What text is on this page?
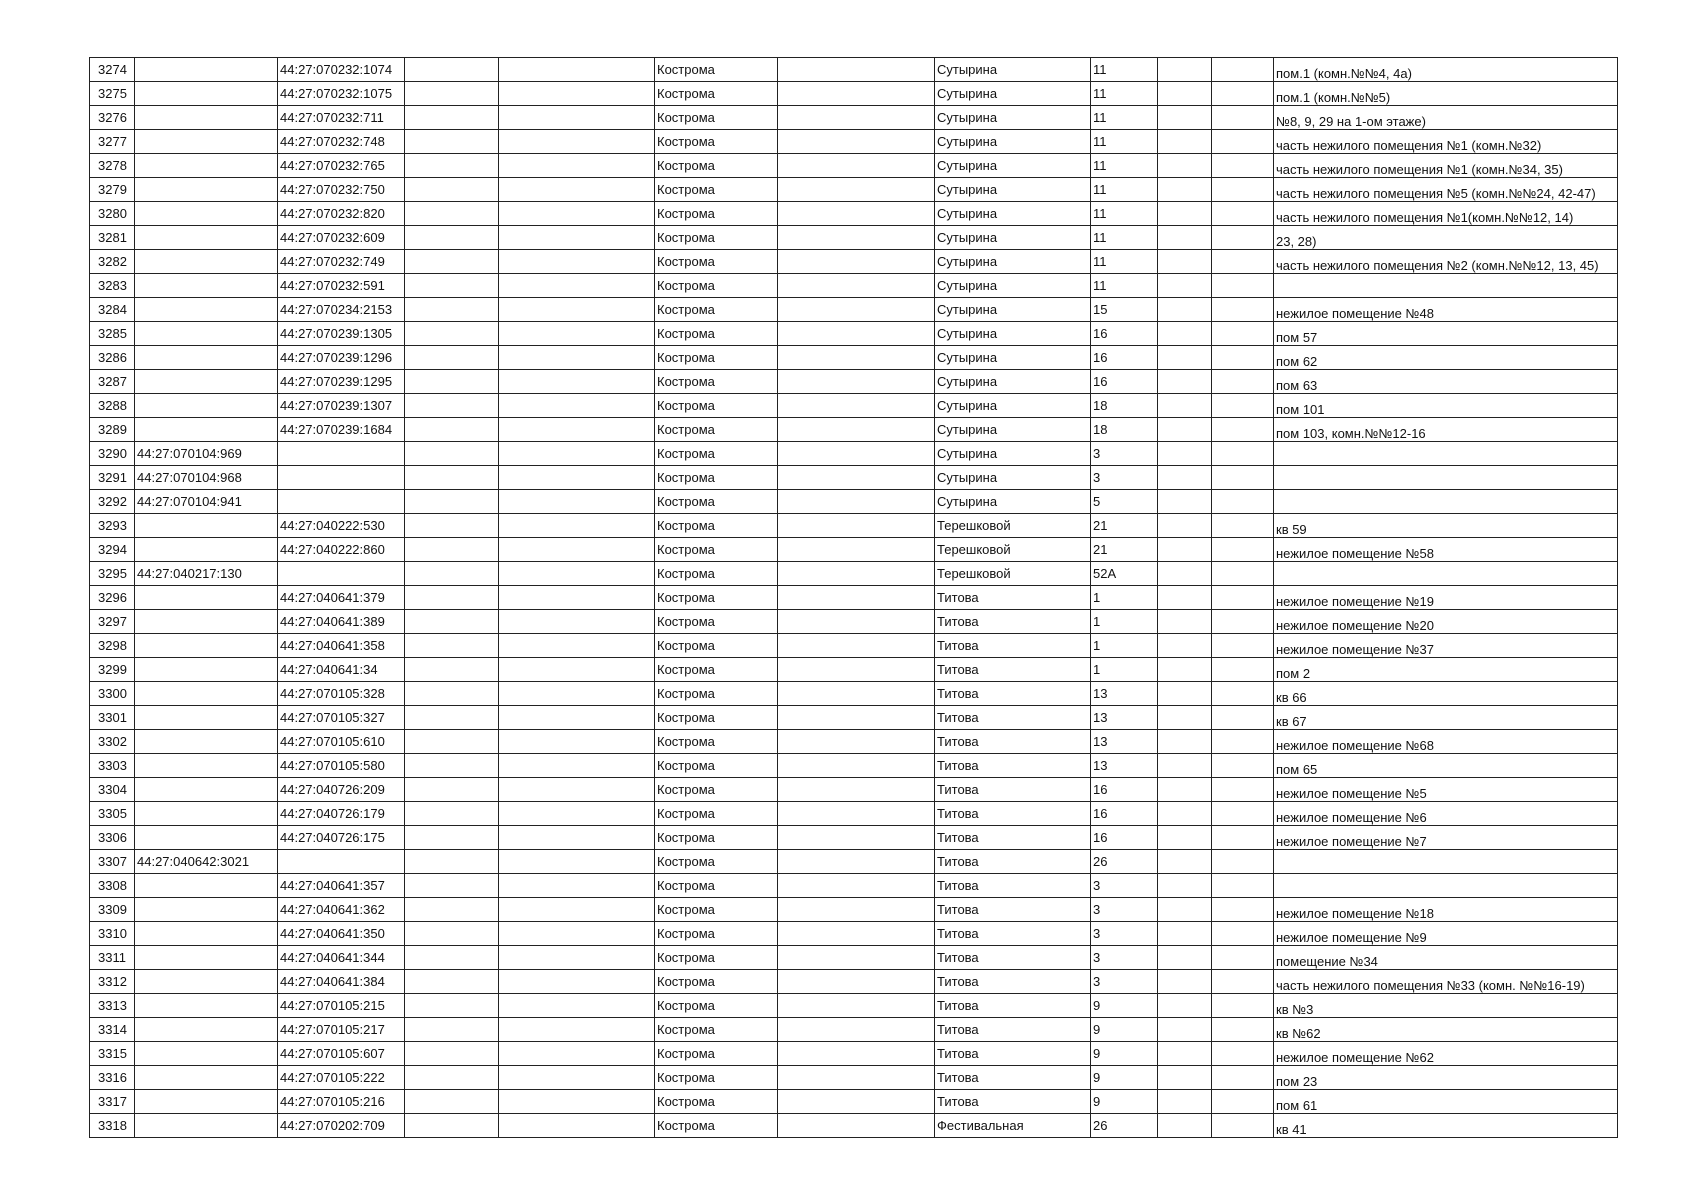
3274		44:27:070232:1074			Кострома		Сутырина	11			пом.1 (комн.№№4, 4а)
3275		44:27:070232:1075			Кострома		Сутырина	11			пом.1 (комн.№№5)
3276		44:27:070232:711			Кострома		Сутырина	11			№8, 9, 29 на 1-ом этаже)
3277		44:27:070232:748			Кострома		Сутырина	11			часть нежилого помещения №1 (комн.№32)
3278		44:27:070232:765			Кострома		Сутырина	11			часть нежилого помещения №1 (комн.№34, 35)
3279		44:27:070232:750			Кострома		Сутырина	11			часть нежилого помещения №5 (комн.№№24, 42-47)
3280		44:27:070232:820			Кострома		Сутырина	11			часть нежилого помещения №1(комн.№№12, 14)
3281		44:27:070232:609			Кострома		Сутырина	11			23, 28)
3282		44:27:070232:749			Кострома		Сутырина	11			часть нежилого помещения №2 (комн.№№12, 13, 45)
3283		44:27:070232:591			Кострома		Сутырина	11			
3284		44:27:070234:2153			Кострома		Сутырина	15			нежилое помещение №48
3285		44:27:070239:1305			Кострома		Сутырина	16			пом 57
3286		44:27:070239:1296			Кострома		Сутырина	16			пом 62
3287		44:27:070239:1295			Кострома		Сутырина	16			пом 63
3288		44:27:070239:1307			Кострома		Сутырина	18			пом 101
3289		44:27:070239:1684			Кострома		Сутырина	18			пом 103, комн.№№12-16
3290	44:27:070104:969				Кострома		Сутырина	3			
3291	44:27:070104:968				Кострома		Сутырина	3			
3292	44:27:070104:941				Кострома		Сутырина	5			
3293		44:27:040222:530			Кострома		Терешковой	21			кв 59
3294		44:27:040222:860			Кострома		Терешковой	21			нежилое помещение №58
3295	44:27:040217:130				Кострома		Терешковой	52А			
3296		44:27:040641:379			Кострома		Титова	1			нежилое помещение №19
3297		44:27:040641:389			Кострома		Титова	1			нежилое помещение №20
3298		44:27:040641:358			Кострома		Титова	1			нежилое помещение №37
3299		44:27:040641:34			Кострома		Титова	1			пом 2
3300		44:27:070105:328			Кострома		Титова	13			кв 66
3301		44:27:070105:327			Кострома		Титова	13			кв 67
3302		44:27:070105:610			Кострома		Титова	13			нежилое помещение №68
3303		44:27:070105:580			Кострома		Титова	13			пом 65
3304		44:27:040726:209			Кострома		Титова	16			нежилое помещение №5
3305		44:27:040726:179			Кострома		Титова	16			нежилое помещение №6
3306		44:27:040726:175			Кострома		Титова	16			нежилое помещение №7
3307	44:27:040642:3021				Кострома		Титова	26			
3308		44:27:040641:357			Кострома		Титова	3			
3309		44:27:040641:362			Кострома		Титова	3			нежилое помещение №18
3310		44:27:040641:350			Кострома		Титова	3			нежилое помещение №9
3311		44:27:040641:344			Кострома		Титова	3			помещение №34
3312		44:27:040641:384			Кострома		Титова	3			часть нежилого помещения №33 (комн. №№16-19)
3313		44:27:070105:215			Кострома		Титова	9			кв №3
3314		44:27:070105:217			Кострома		Титова	9			кв №62
3315		44:27:070105:607			Кострома		Титова	9			нежилое помещение №62
3316		44:27:070105:222			Кострома		Титова	9			пом 23
3317		44:27:070105:216			Кострома		Титова	9			пом 61
3318		44:27:070202:709			Кострома		Фестивальная	26			кв 41
